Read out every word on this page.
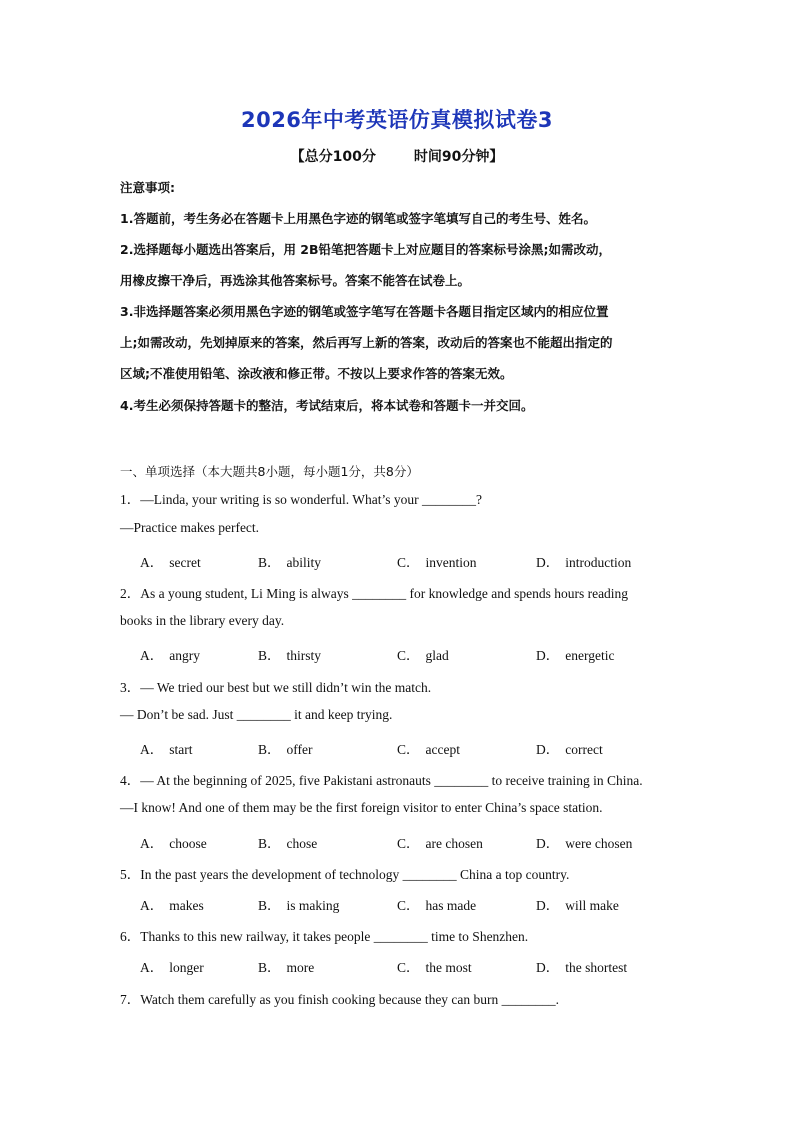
2026年中考英语仿真模拟试卷3
【总分100分	时间90分钟】
注意事项:
1.答题前，考生务必在答题卡上用黑色字迹的钢笔或签字笔填写自己的考生号、姓名。
2.选择题每小题选出答案后，用 2B铅笔把答题卡上对应题目的答案标号涂黑;如需改动，
用橡皮擦干净后，再选涂其他答案标号。答案不能答在试卷上。
3.非选择题答案必须用黑色字迹的钢笔或签字笔写在答题卡各题目指定区域内的相应位置
上;如需改动，先划掉原来的答案，然后再写上新的答案，改动后的答案也不能超出指定的
区域;不准使用铅笔、涂改液和修正带。不按以上要求作答的答案无效。
4.考生必须保持答题卡的整洁，考试结束后，将本试卷和答题卡一并交回。
一、单项选择（本大题共8小题，每小题1分，共8分）
1．—Linda, your writing is so wonderful. What’s your ________?
—Practice makes perfect.
A． secret	B． ability	C． invention	D． introduction
2．As a young student, Li Ming is always ________ for knowledge and spends hours reading
books in the library every day.
A． angry	B． thirsty	C． glad	D． energetic
3．— We tried our best but we still didn’t win the match.
— Don’t be sad. Just ________ it and keep trying.
A． start	B． offer	C． accept	D． correct
4．— At the beginning of 2025, five Pakistani astronauts ________ to receive training in China.
—I know! And one of them may be the first foreign visitor to enter China’s space station.
A． choose	B． chose	C． are chosen	D． were chosen
5．In the past years the development of technology ________ China a top country.
A． makes	B． is making	C． has made	D． will make
6．Thanks to this new railway, it takes people ________ time to Shenzhen.
A． longer	B． more	C． the most	D． the shortest
7．Watch them carefully as you finish cooking because they can burn ________.
